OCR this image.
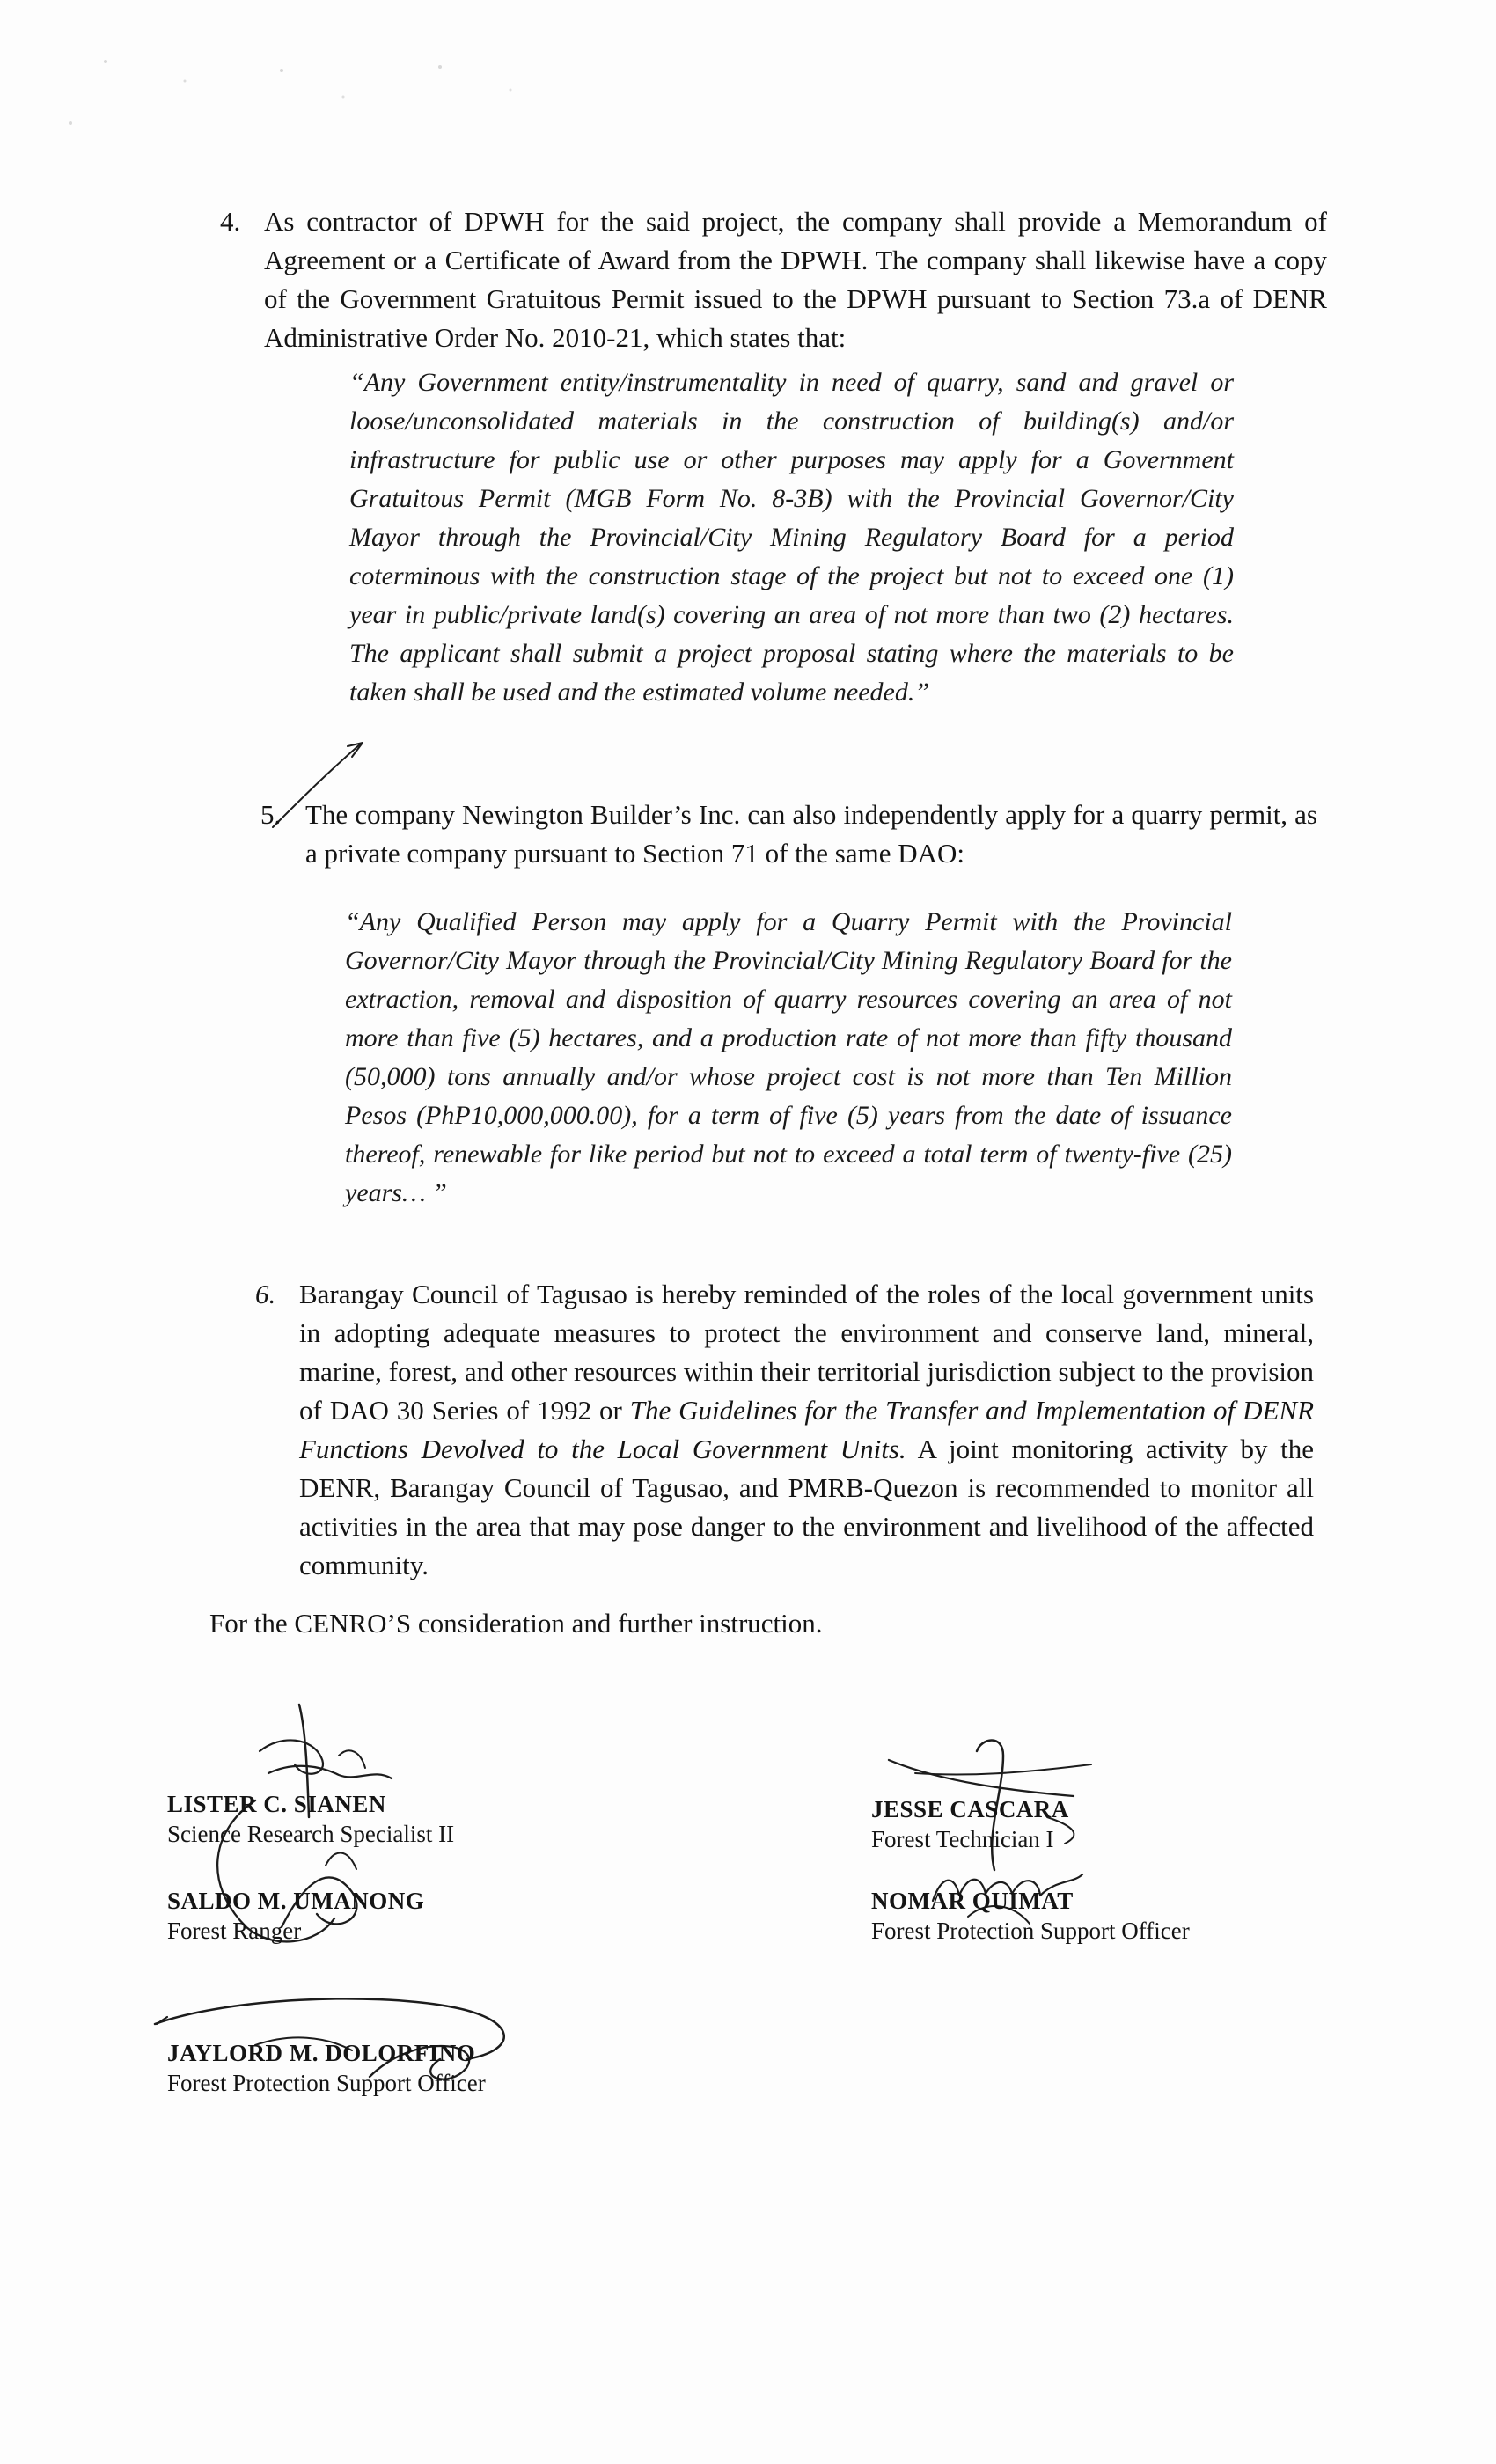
4. As contractor of DPWH for the said project, the company shall provide a Memorandum of Agreement or a Certificate of Award from the DPWH. The company shall likewise have a copy of the Government Gratuitous Permit issued to the DPWH pursuant to Section 73.a of DENR Administrative Order No. 2010-21, which states that:
“Any Government entity/instrumentality in need of quarry, sand and gravel or loose/unconsolidated materials in the construction of building(s) and/or infrastructure for public use or other purposes may apply for a Government Gratuitous Permit (MGB Form No. 8-3B) with the Provincial Governor/City Mayor through the Provincial/City Mining Regulatory Board for a period coterminous with the construction stage of the project but not to exceed one (1) year in public/private land(s) covering an area of not more than two (2) hectares. The applicant shall submit a project proposal stating where the materials to be taken shall be used and the estimated volume needed.”
5. The company Newington Builder’s Inc. can also independently apply for a quarry permit, as a private company pursuant to Section 71 of the same DAO:
“Any Qualified Person may apply for a Quarry Permit with the Provincial Governor/City Mayor through the Provincial/City Mining Regulatory Board for the extraction, removal and disposition of quarry resources covering an area of not more than five (5) hectares, and a production rate of not more than fifty thousand (50,000) tons annually and/or whose project cost is not more than Ten Million Pesos (PhP10,000,000.00), for a term of five (5) years from the date of issuance thereof, renewable for like period but not to exceed a total term of twenty-five (25) years… ”
6. Barangay Council of Tagusao is hereby reminded of the roles of the local government units in adopting adequate measures to protect the environment and conserve land, mineral, marine, forest, and other resources within their territorial jurisdiction subject to the provision of DAO 30 Series of 1992 or The Guidelines for the Transfer and Implementation of DENR Functions Devolved to the Local Government Units. A joint monitoring activity by the DENR, Barangay Council of Tagusao, and PMRB-Quezon is recommended to monitor all activities in the area that may pose danger to the environment and livelihood of the affected community.
For the CENRO’S consideration and further instruction.
LISTER C. SIANEN
Science Research Specialist II
SALDO M. UMANONG
Forest Ranger
JAYLORD M. DOLORFINO
Forest Protection Support Officer
JESSE CASCARA
Forest Technician I
NOMAR QUIMAT
Forest Protection Support Officer
